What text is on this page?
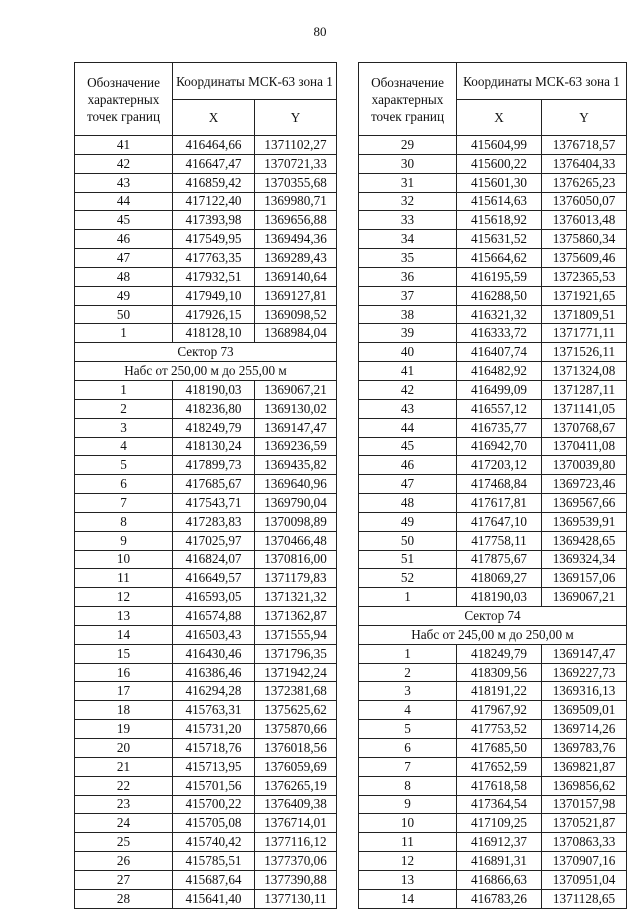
80
Обозначение характерных точек границ	Координаты МСК-63 зона 1	
	X	Y
41	416464,66	1371102,27
42	416647,47	1370721,33
43	416859,42	1370355,68
44	417122,40	1369980,71
45	417393,98	1369656,88
46	417549,95	1369494,36
47	417763,35	1369289,43
48	417932,51	1369140,64
49	417949,10	1369127,81
50	417926,15	1369098,52
1	418128,10	1368984,04
Сектор 73		
Набс от 250,00 м до 255,00 м		
1	418190,03	1369067,21
2	418236,80	1369130,02
3	418249,79	1369147,47
4	418130,24	1369236,59
5	417899,73	1369435,82
6	417685,67	1369640,96
7	417543,71	1369790,04
8	417283,83	1370098,89
9	417025,97	1370466,48
10	416824,07	1370816,00
11	416649,57	1371179,83
12	416593,05	1371321,32
13	416574,88	1371362,87
14	416503,43	1371555,94
15	416430,46	1371796,35
16	416386,46	1371942,24
17	416294,28	1372381,68
18	415763,31	1375625,62
19	415731,20	1375870,66
20	415718,76	1376018,56
21	415713,95	1376059,69
22	415701,56	1376265,19
23	415700,22	1376409,38
24	415705,08	1376714,01
25	415740,42	1377116,12
26	415785,51	1377370,06
27	415687,64	1377390,88
28	415641,40	1377130,11
Обозначение характерных точек границ	Координаты МСК-63 зона 1	
	X	Y
29	415604,99	1376718,57
30	415600,22	1376404,33
31	415601,30	1376265,23
32	415614,63	1376050,07
33	415618,92	1376013,48
34	415631,52	1375860,34
35	415664,62	1375609,46
36	416195,59	1372365,53
37	416288,50	1371921,65
38	416321,32	1371809,51
39	416333,72	1371771,11
40	416407,74	1371526,11
41	416482,92	1371324,08
42	416499,09	1371287,11
43	416557,12	1371141,05
44	416735,77	1370768,67
45	416942,70	1370411,08
46	417203,12	1370039,80
47	417468,84	1369723,46
48	417617,81	1369567,66
49	417647,10	1369539,91
50	417758,11	1369428,65
51	417875,67	1369324,34
52	418069,27	1369157,06
1	418190,03	1369067,21
Сектор 74		
Набс от 245,00 м до 250,00 м		
1	418249,79	1369147,47
2	418309,56	1369227,73
3	418191,22	1369316,13
4	417967,92	1369509,01
5	417753,52	1369714,26
6	417685,50	1369783,76
7	417652,59	1369821,87
8	417618,58	1369856,62
9	417364,54	1370157,98
10	417109,25	1370521,87
11	416912,37	1370863,33
12	416891,31	1370907,16
13	416866,63	1370951,04
14	416783,26	1371128,65
